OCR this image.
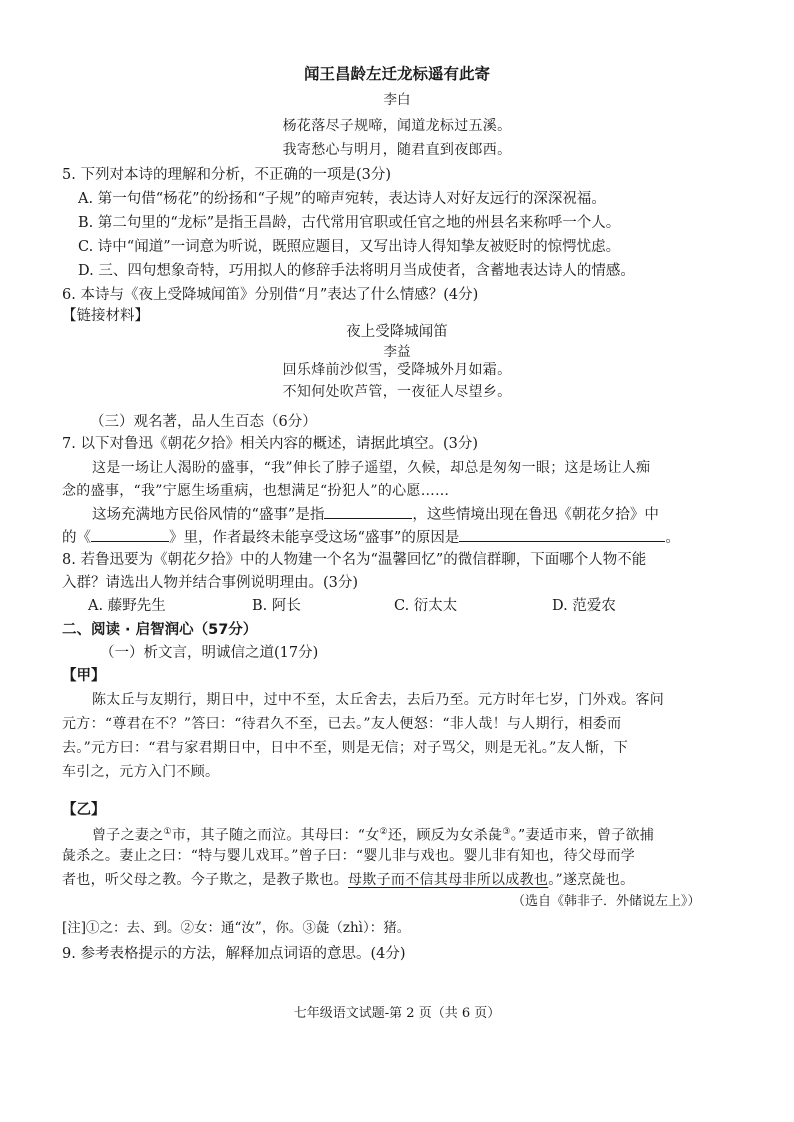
闻王昌龄左迁龙标遥有此寄
李白
杨花落尽子规啼，闻道龙标过五溪。
我寄愁心与明月，随君直到夜郎西。
5. 下列对本诗的理解和分析，不正确的一项是(3分)
A. 第一句借“杨花”的纷扬和“子规”的啼声宛转，表达诗人对好友远行的深深祝福。
B. 第二句里的“龙标”是指王昌龄，古代常用官职或任官之地的州县名来称呼一个人。
C. 诗中“闻道”一词意为听说，既照应题目，又写出诗人得知挚友被贬时的惊愕忧虑。
D. 三、四句想象奇特，巧用拟人的修辞手法将明月当成使者，含蓄地表达诗人的情感。
6. 本诗与《夜上受降城闻笛》分别借“月”表达了什么情感？(4分)
【链接材料】
夜上受降城闻笛
李益
回乐烽前沙似雪，受降城外月如霜。
不知何处吹芦管，一夜征人尽望乡。
（三）观名著，品人生百态（6分）
7. 以下对鲁迅《朝花夕拾》相关内容的概述，请据此填空。(3分)
这是一场让人渴盼的盛事，“我”伸长了脖子遥望，久候，却总是匆匆一眼；这是场让人痴
念的盛事，“我”宁愿生场重病，也想满足“扮犯人”的心愿……
这场充满地方民俗风情的“盛事”是指	，这些情境出现在鲁迅《朝花夕拾》中
的《	》里，作者最终未能享受这场“盛事”的原因是	。
8. 若鲁迅要为《朝花夕拾》中的人物建一个名为“温馨回忆”的微信群聊，下面哪个人物不能
入群？请选出人物并结合事例说明理由。(3分)
A. 藤野先生	B. 阿长	C. 衍太太	D. 范爱农
二、阅读 · 启智润心（57分）
（一）析文言，明诚信之道(17分)
【甲】
陈太丘与友期行，期日中，过中不至，太丘舍去，去后乃至。元方时年七岁，门外戏。客问
元方：“尊君在不？”答曰：“待君久不至，已去。”友人便怒：“非人哉！与人期行，相委而
去。”元方曰：“君与家君期日中，日中不至，则是无信；对子骂父，则是无礼。”友人惭，下
车引之，元方入门不顾。
【乙】
曾子之妻之①市，其子随之而泣。其母曰：“女②还，顾反为女杀彘③。”妻适市来，曾子欲捕
彘杀之。妻止之曰：“特与婴儿戏耳。”曾子曰：“婴儿非与戏也。婴儿非有知也，待父母而学
者也，听父母之教。今子欺之，是教子欺也。母欺子而不信其母非所以成教也。”遂烹彘也。
（选自《韩非子．外储说左上》）
[注]①之：去、到。②女：通“汝”，你。③彘（zhì）：猪。
9. 参考表格提示的方法，解释加点词语的意思。(4分)
七年级语文试题-第 2 页（共 6 页）
